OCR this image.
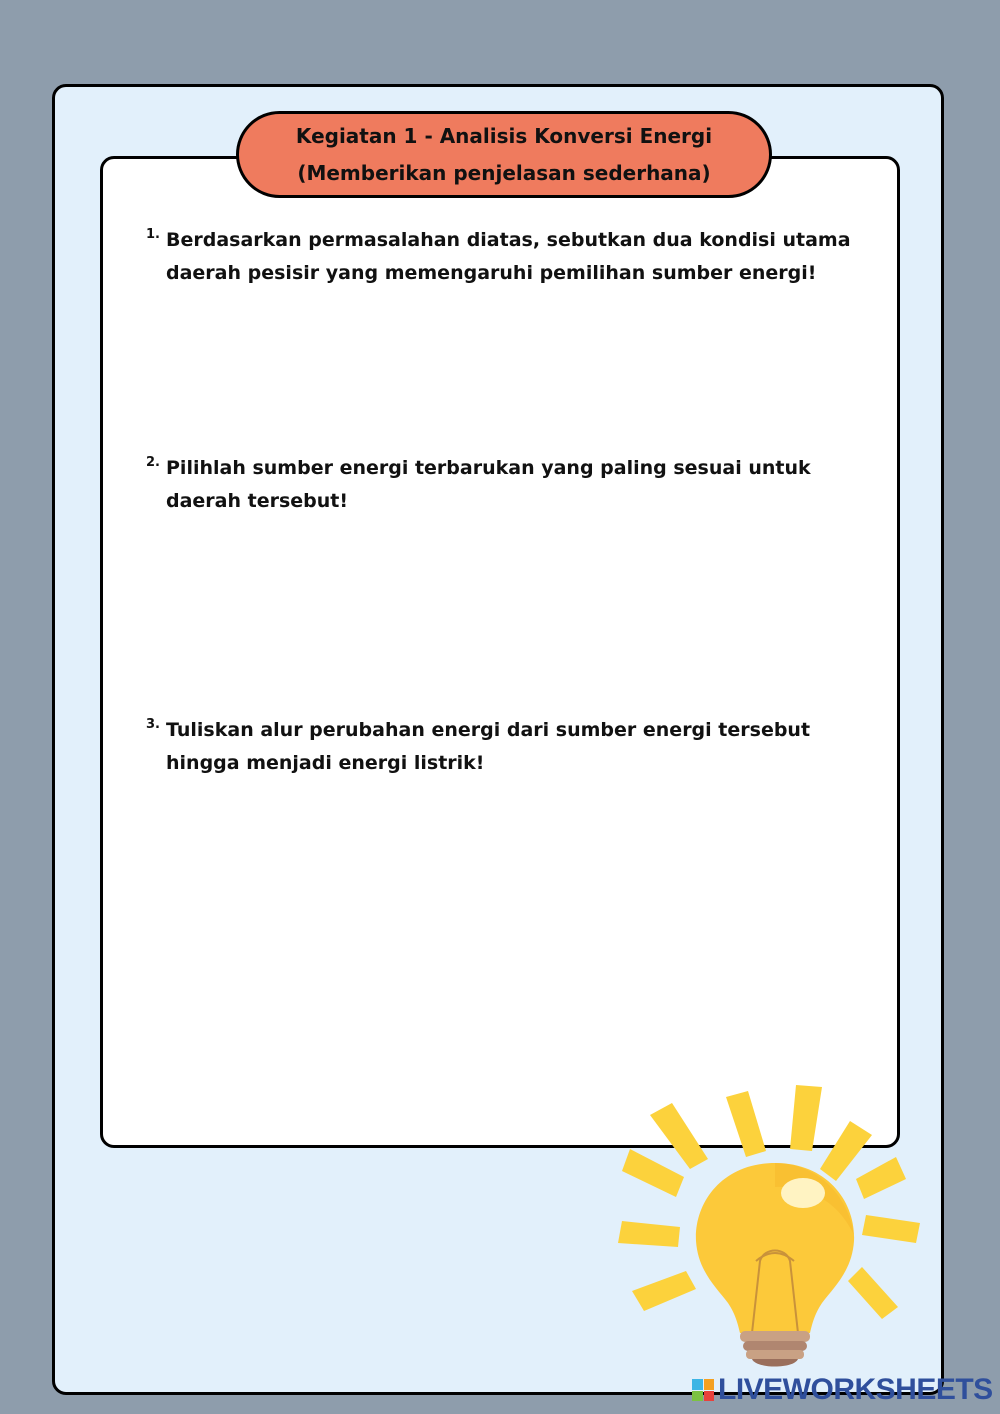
Kegiatan 1 - Analisis Konversi Energi
(Memberikan penjelasan sederhana)
1. Berdasarkan permasalahan diatas, sebutkan dua kondisi utama
daerah pesisir yang memengaruhi pemilihan sumber energi!
2. Pilihlah sumber energi terbarukan yang paling sesuai untuk
daerah tersebut!
3. Tuliskan alur perubahan energi dari sumber energi tersebut
hingga menjadi energi listrik!
LIVEWORKSHEETS
